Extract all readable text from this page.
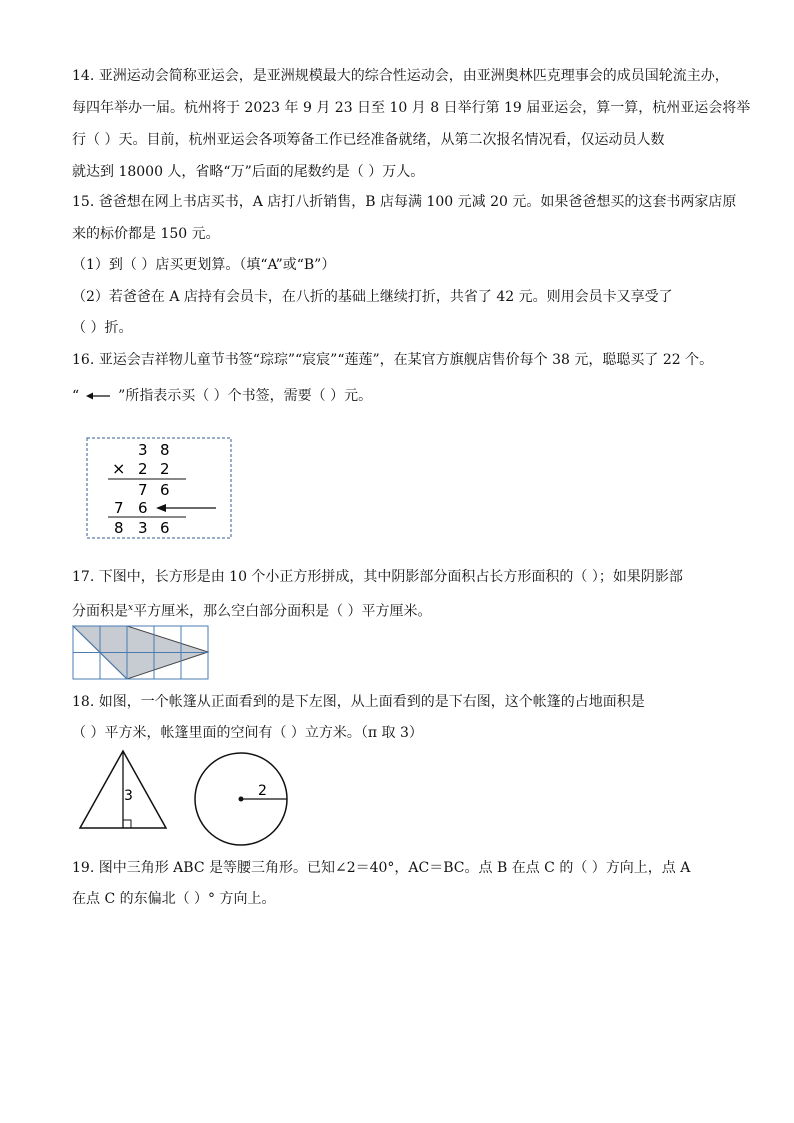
14. 亚洲运动会简称亚运会，是亚洲规模最大的综合性运动会，由亚洲奥林匹克理事会的成员国轮流主办，
每四年举办一届。杭州将于 2023 年 9 月 23 日至 10 月 8 日举行第 19 届亚运会，算一算，杭州亚运会将举
行（ ）天。目前，杭州亚运会各项筹备工作已经准备就绪，从第二次报名情况看，仅运动员人数
就达到 18000 人，省略“万”后面的尾数约是（ ）万人。
15. 爸爸想在网上书店买书，A 店打八折销售，B 店每满 100 元减 20 元。如果爸爸想买的这套书两家店原
来的标价都是 150 元。
（1）到（ ）店买更划算。（填“A”或“B”）
（2）若爸爸在 A 店持有会员卡，在八折的基础上继续打折，共省了 42 元。则用会员卡又享受了
（ ）折。
16. 亚运会吉祥物儿童节书签“琮琮”“宸宸”“莲莲”，在某官方旗舰店售价每个 38 元，聪聪买了 22 个。
“	”所指表示买（ ）个书签，需要（ ）元。
3 8
× 2 2
7 6
7 6
8 3 6
17. 下图中，长方形是由 10 个小正方形拼成，其中阴影部分面积占长方形面积的（ ）；如果阴影部
分面积是$^x$平方厘米，那么空白部分面积是（ ）平方厘米。
18. 如图，一个帐篷从正面看到的是下左图，从上面看到的是下右图，这个帐篷的占地面积是
（ ）平方米，帐篷里面的空间有（ ）立方米。（π 取 3）
3	2
19. 图中三角形 ABC 是等腰三角形。已知∠2＝40°，AC＝BC。点 B 在点 C 的（ ）方向上，点 A
在点 C 的东偏北（ ）° 方向上。
